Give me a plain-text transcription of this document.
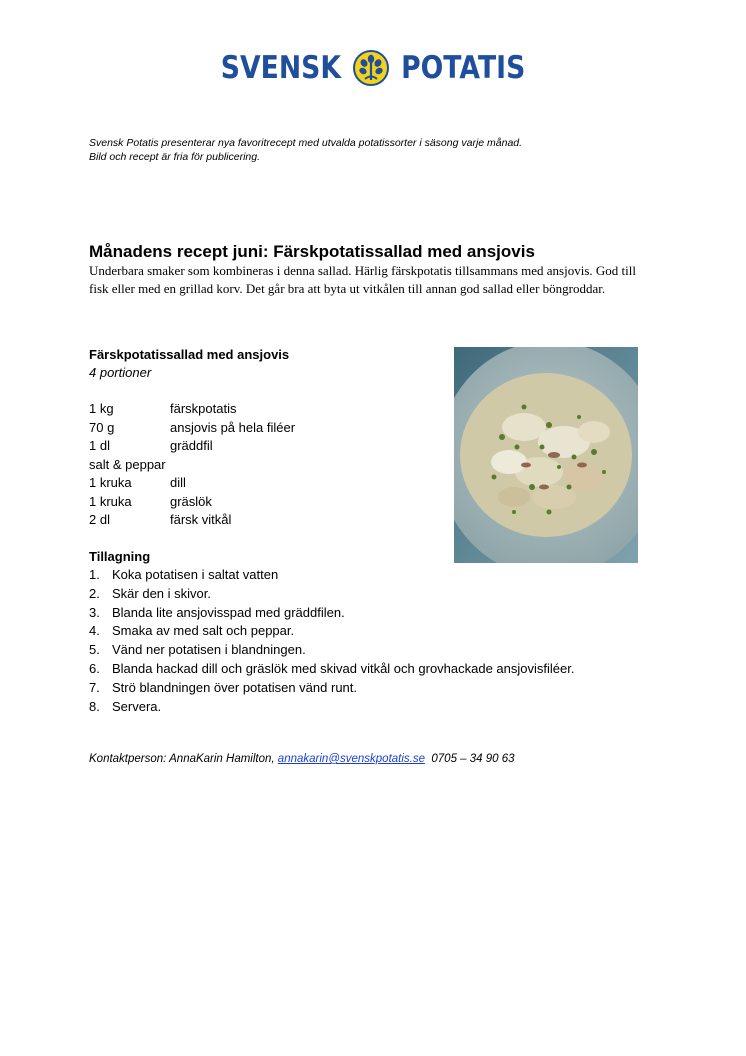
SVENSK POTATIS
Svensk Potatis presenterar nya favoritrecept med utvalda potatissorter i säsong varje månad.
Bild och recept är fria för publicering.
Månadens recept juni: Färskpotatissallad med ansjovis
Underbara smaker som kombineras i denna sallad. Härlig färskpotatis tillsammans med ansjovis. God till fisk eller med en grillad korv. Det går bra att byta ut vitkålen till annan god sallad eller böngroddar.
Färskpotatissallad med ansjovis
4 portioner
1 kg	färskpotatis
70 g	ansjovis på hela filéer
1 dl	gräddfil
salt & peppar
1 kruka	dill
1 kruka	gräslök
2 dl	färsk vitkål
Tillagning
1. Koka potatisen i saltat vatten
2. Skär den i skivor.
3. Blanda lite ansjovisspad med gräddfilen.
4. Smaka av med salt och peppar.
5. Vänd ner potatisen i blandningen.
6. Blanda hackad dill och gräslök med skivad vitkål och grovhackade ansjovisfiléer.
7. Strö blandningen över potatisen vänd runt.
8. Servera.
Kontaktperson: AnnaKarin Hamilton, annakarin@svenskpotatis.se 0705 – 34 90 63
